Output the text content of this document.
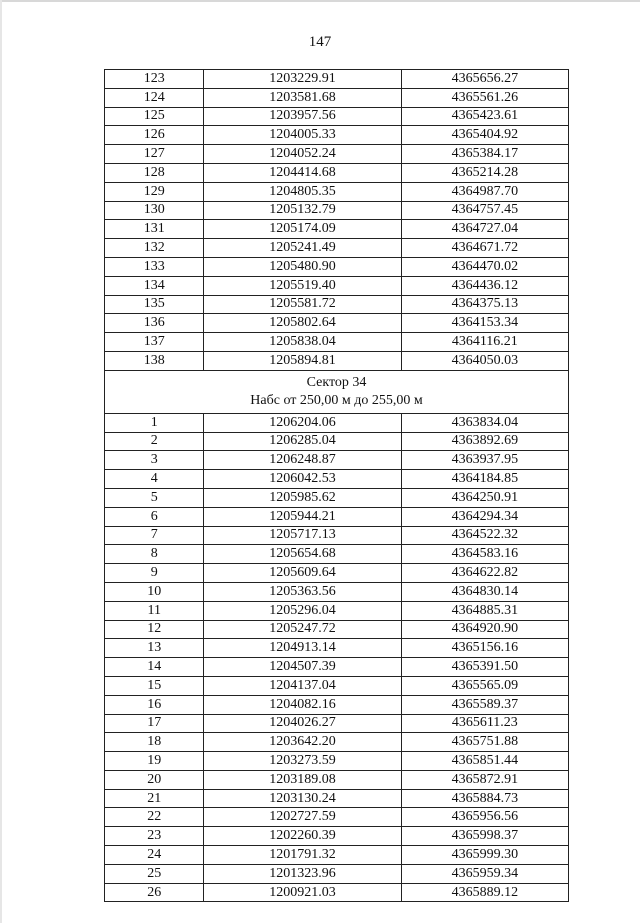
147
123	1203229.91	4365656.27
124	1203581.68	4365561.26
125	1203957.56	4365423.61
126	1204005.33	4365404.92
127	1204052.24	4365384.17
128	1204414.68	4365214.28
129	1204805.35	4364987.70
130	1205132.79	4364757.45
131	1205174.09	4364727.04
132	1205241.49	4364671.72
133	1205480.90	4364470.02
134	1205519.40	4364436.12
135	1205581.72	4364375.13
136	1205802.64	4364153.34
137	1205838.04	4364116.21
138	1205894.81	4364050.03

Сектор 34
Набс от 250,00 м до 255,00 м		

1	1206204.06	4363834.04
2	1206285.04	4363892.69
3	1206248.87	4363937.95
4	1206042.53	4364184.85
5	1205985.62	4364250.91
6	1205944.21	4364294.34
7	1205717.13	4364522.32
8	1205654.68	4364583.16
9	1205609.64	4364622.82
10	1205363.56	4364830.14
11	1205296.04	4364885.31
12	1205247.72	4364920.90
13	1204913.14	4365156.16
14	1204507.39	4365391.50
15	1204137.04	4365565.09
16	1204082.16	4365589.37
17	1204026.27	4365611.23
18	1203642.20	4365751.88
19	1203273.59	4365851.44
20	1203189.08	4365872.91
21	1203130.24	4365884.73
22	1202727.59	4365956.56
23	1202260.39	4365998.37
24	1201791.32	4365999.30
25	1201323.96	4365959.34
26	1200921.03	4365889.12
